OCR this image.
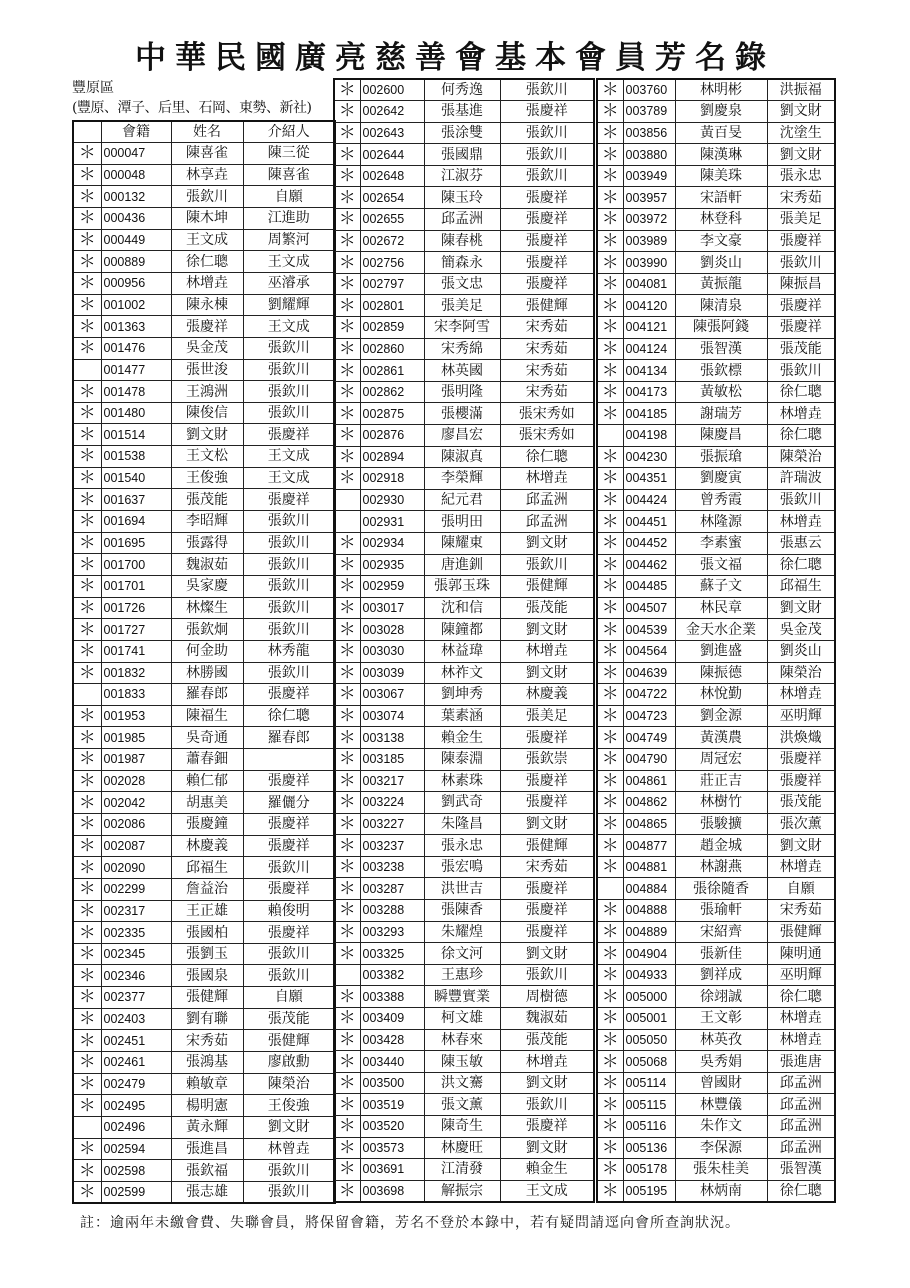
中華民國廣亮慈善會基本會員芳名錄
豐原區
(豐原、潭子、后里、石岡、東勢、新社)
	會籍	姓名	介紹人
＊	000047	陳喜雀	陳三從
＊	000048	林享垚	陳喜雀
＊	000132	張欽川	自願
＊	000436	陳木坤	江進助
＊	000449	王文成	周繁河
＊	000889	徐仁聰	王文成
＊	000956	林增垚	巫濬承
＊	001002	陳永棟	劉耀輝
＊	001363	張慶祥	王文成
＊	001476	吳金茂	張欽川
	001477	張世浚	張欽川
＊	001478	王鴻洲	張欽川
＊	001480	陳俊信	張欽川
＊	001514	劉文財	張慶祥
＊	001538	王文松	王文成
＊	001540	王俊強	王文成
＊	001637	張茂能	張慶祥
＊	001694	李昭輝	張欽川
＊	001695	張露得	張欽川
＊	001700	魏淑茹	張欽川
＊	001701	吳家慶	張欽川
＊	001726	林燦生	張欽川
＊	001727	張欽炯	張欽川
＊	001741	何金助	林秀龍
＊	001832	林勝國	張欽川
	001833	羅春郎	張慶祥
＊	001953	陳福生	徐仁聰
＊	001985	吳奇通	羅春郎
＊	001987	蕭春鈿	
＊	002028	賴仁郁	張慶祥
＊	002042	胡惠美	羅儷分
＊	002086	張慶鐘	張慶祥
＊	002087	林慶義	張慶祥
＊	002090	邱福生	張欽川
＊	002299	詹益治	張慶祥
＊	002317	王正雄	賴俊明
＊	002335	張國柏	張慶祥
＊	002345	張劉玉	張欽川
＊	002346	張國泉	張欽川
＊	002377	張健輝	自願
＊	002403	劉有聯	張茂能
＊	002451	宋秀茹	張健輝
＊	002461	張鴻基	廖啟勳
＊	002479	賴敏章	陳榮治
＊	002495	楊明憲	王俊強
	002496	黃永輝	劉文財
＊	002594	張進昌	林曾垚
＊	002598	張欽福	張欽川
＊	002599	張志雄	張欽川
＊	002600	何秀逸	張欽川
＊	002642	張基進	張慶祥
＊	002643	張涂雙	張欽川
＊	002644	張國鼎	張欽川
＊	002648	江淑芬	張欽川
＊	002654	陳玉玲	張慶祥
＊	002655	邱孟洲	張慶祥
＊	002672	陳春桃	張慶祥
＊	002756	簡森永	張慶祥
＊	002797	張文忠	張慶祥
＊	002801	張美足	張健輝
＊	002859	宋李阿雪	宋秀茹
＊	002860	宋秀綿	宋秀茹
＊	002861	林英國	宋秀茹
＊	002862	張明隆	宋秀茹
＊	002875	張櫻滿	張宋秀如
＊	002876	廖昌宏	張宋秀如
＊	002894	陳淑真	徐仁聰
＊	002918	李榮輝	林增垚
	002930	紀元君	邱孟洲
	002931	張明田	邱孟洲
＊	002934	陳耀東	劉文財
＊	002935	唐進釧	張欽川
＊	002959	張郭玉珠	張健輝
＊	003017	沈和信	張茂能
＊	003028	陳鐘都	劉文財
＊	003030	林益瑋	林增垚
＊	003039	林祚文	劉文財
＊	003067	劉坤秀	林慶義
＊	003074	葉素涵	張美足
＊	003138	賴金生	張慶祥
＊	003185	陳泰淵	張欽崇
＊	003217	林素珠	張慶祥
＊	003224	劉武奇	張慶祥
＊	003227	朱隆昌	劉文財
＊	003237	張永忠	張健輝
＊	003238	張宏鳴	宋秀茹
＊	003287	洪世吉	張慶祥
＊	003288	張陳香	張慶祥
＊	003293	朱耀煌	張慶祥
＊	003325	徐文河	劉文財
	003382	王惠珍	張欽川
＊	003388	瞬豐實業	周樹德
＊	003409	柯文雄	魏淑茹
＊	003428	林春來	張茂能
＊	003440	陳玉敏	林增垚
＊	003500	洪文騫	劉文財
＊	003519	張文薰	張欽川
＊	003520	陳奇生	張慶祥
＊	003573	林慶旺	劉文財
＊	003691	江清發	賴金生
＊	003698	解振宗	王文成
＊	003760	林明彬	洪振福
＊	003789	劉慶泉	劉文財
＊	003856	黃百旻	沈塗生
＊	003880	陳漢琳	劉文財
＊	003949	陳美珠	張永忠
＊	003957	宋語軒	宋秀茹
＊	003972	林登科	張美足
＊	003989	李文豪	張慶祥
＊	003990	劉炎山	張欽川
＊	004081	黃振龍	陳振昌
＊	004120	陳清泉	張慶祥
＊	004121	陳張阿錢	張慶祥
＊	004124	張智漢	張茂能
＊	004134	張欽標	張欽川
＊	004173	黃敏松	徐仁聰
＊	004185	謝瑞芳	林增垚
	004198	陳慶昌	徐仁聰
＊	004230	張振瑲	陳榮治
＊	004351	劉慶寅	許瑞波
＊	004424	曾秀霞	張欽川
＊	004451	林隆源	林增垚
＊	004452	李素蜜	張惠云
＊	004462	張文福	徐仁聰
＊	004485	蘇子文	邱福生
＊	004507	林民章	劉文財
＊	004539	金天水企業	吳金茂
＊	004564	劉進盛	劉炎山
＊	004639	陳振德	陳榮治
＊	004722	林悅勤	林增垚
＊	004723	劉金源	巫明輝
＊	004749	黃漢農	洪煥熾
＊	004790	周冠宏	張慶祥
＊	004861	莊正吉	張慶祥
＊	004862	林樹竹	張茂能
＊	004865	張駿擴	張次薰
＊	004877	趙金城	劉文財
＊	004881	林謝燕	林增垚
	004884	張徐隨香	自願
＊	004888	張瑜軒	宋秀茹
＊	004889	宋紹齊	張健輝
＊	004904	張新佳	陳明通
＊	004933	劉祥成	巫明輝
＊	005000	徐翊誠	徐仁聰
＊	005001	王文彰	林增垚
＊	005050	林英孜	林增垚
＊	005068	吳秀娟	張進唐
＊	005114	曾國財	邱孟洲
＊	005115	林豐儀	邱孟洲
＊	005116	朱作文	邱孟洲
＊	005136	李保源	邱孟洲
＊	005178	張朱桂美	張智漢
＊	005195	林炳南	徐仁聰
註：逾兩年未繳會費、失聯會員，將保留會籍，芳名不登於本錄中，若有疑問請逕向會所查詢狀況。
